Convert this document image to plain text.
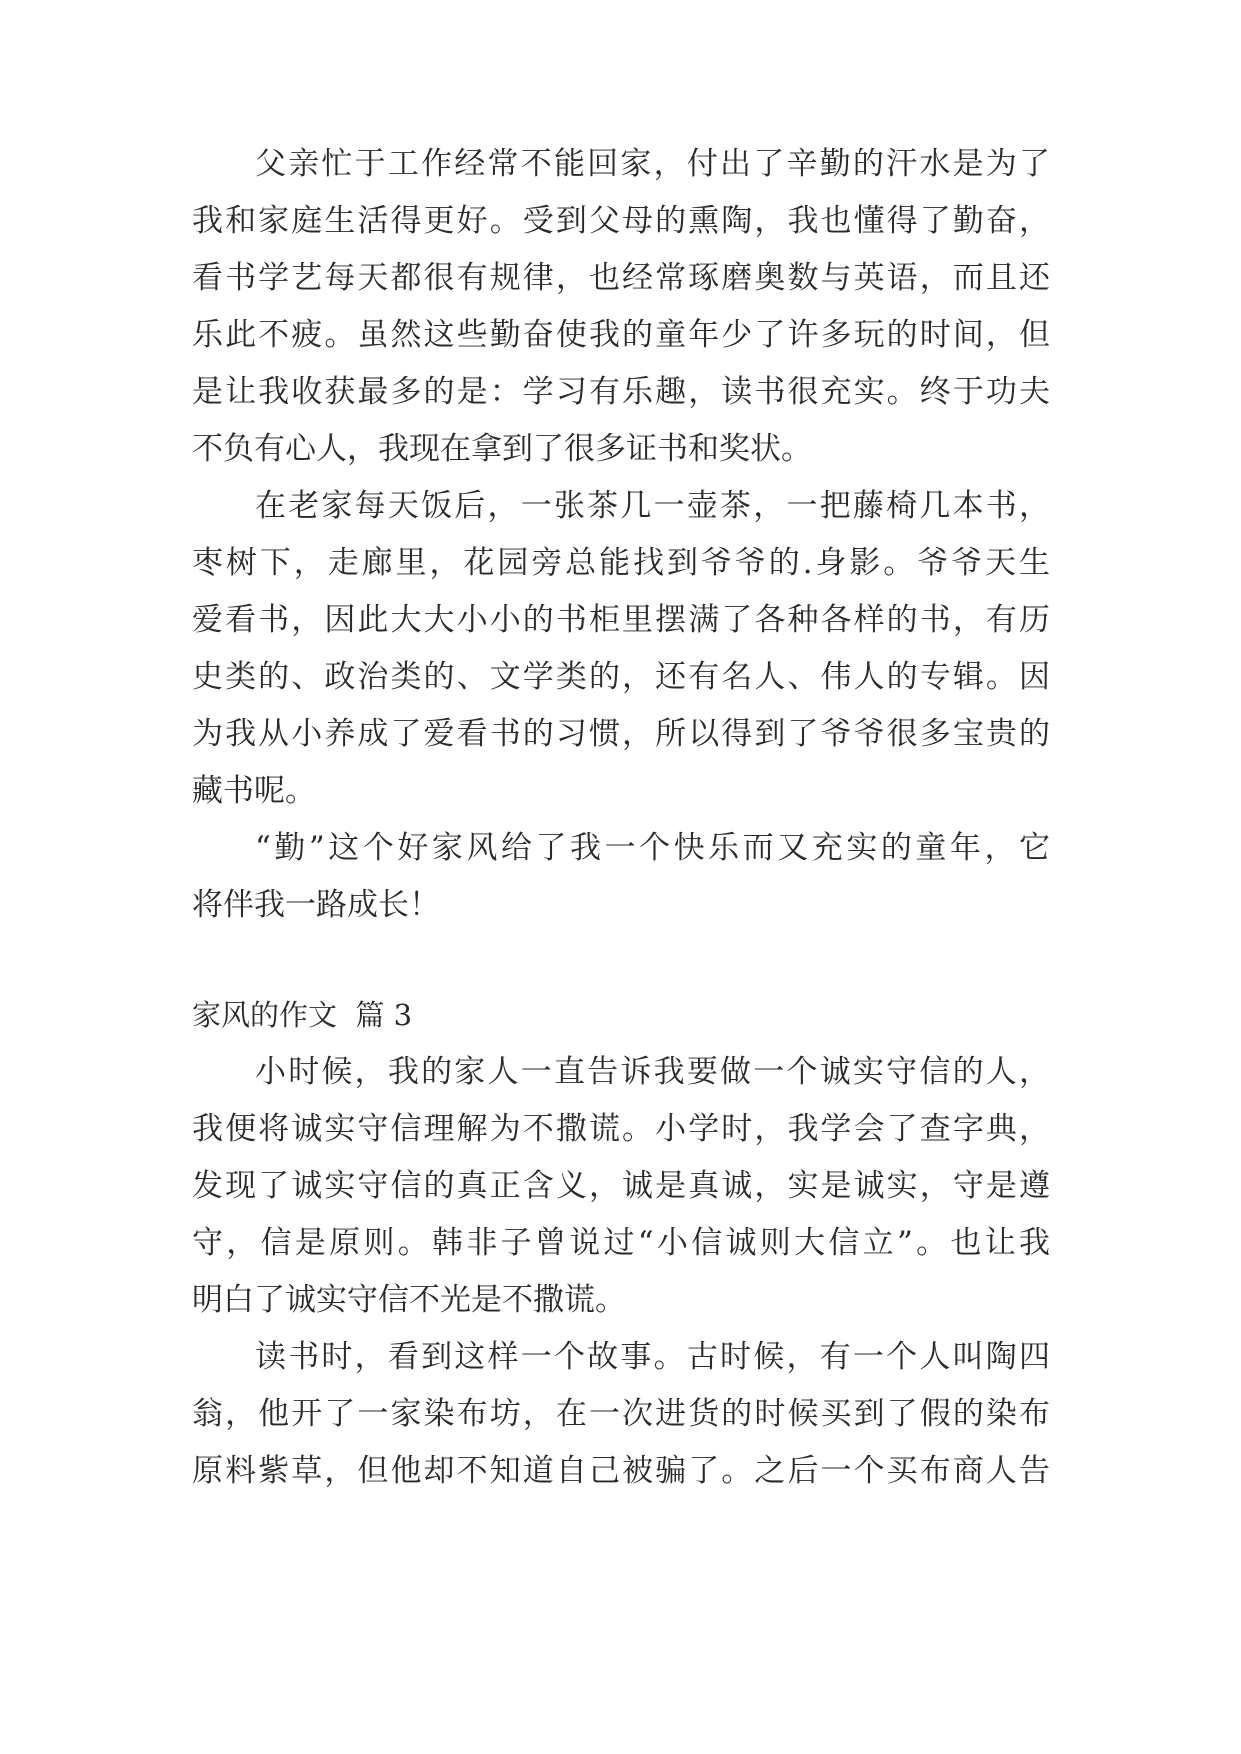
父亲忙于工作经常不能回家，付出了辛勤的汗水是为了
我和家庭生活得更好。受到父母的熏陶，我也懂得了勤奋，
看书学艺每天都很有规律，也经常琢磨奥数与英语，而且还
乐此不疲。虽然这些勤奋使我的童年少了许多玩的时间，但
是让我收获最多的是：学习有乐趣，读书很充实。终于功夫
不负有心人，我现在拿到了很多证书和奖状。
在老家每天饭后，一张茶几一壶茶，一把藤椅几本书，
枣树下，走廊里，花园旁总能找到爷爷的.身影。爷爷天生
爱看书，因此大大小小的书柜里摆满了各种各样的书，有历
史类的、政治类的、文学类的，还有名人、伟人的专辑。因
为我从小养成了爱看书的习惯，所以得到了爷爷很多宝贵的
藏书呢。
“勤”这个好家风给了我一个快乐而又充实的童年，它
将伴我一路成长！
家风的作文  篇 3
小时候，我的家人一直告诉我要做一个诚实守信的人，
我便将诚实守信理解为不撒谎。小学时，我学会了查字典，
发现了诚实守信的真正含义，诚是真诚，实是诚实，守是遵
守，信是原则。韩非子曾说过“小信诚则大信立”。也让我
明白了诚实守信不光是不撒谎。
读书时，看到这样一个故事。古时候，有一个人叫陶四
翁，他开了一家染布坊，在一次进货的时候买到了假的染布
原料紫草，但他却不知道自己被骗了。之后一个买布商人告
